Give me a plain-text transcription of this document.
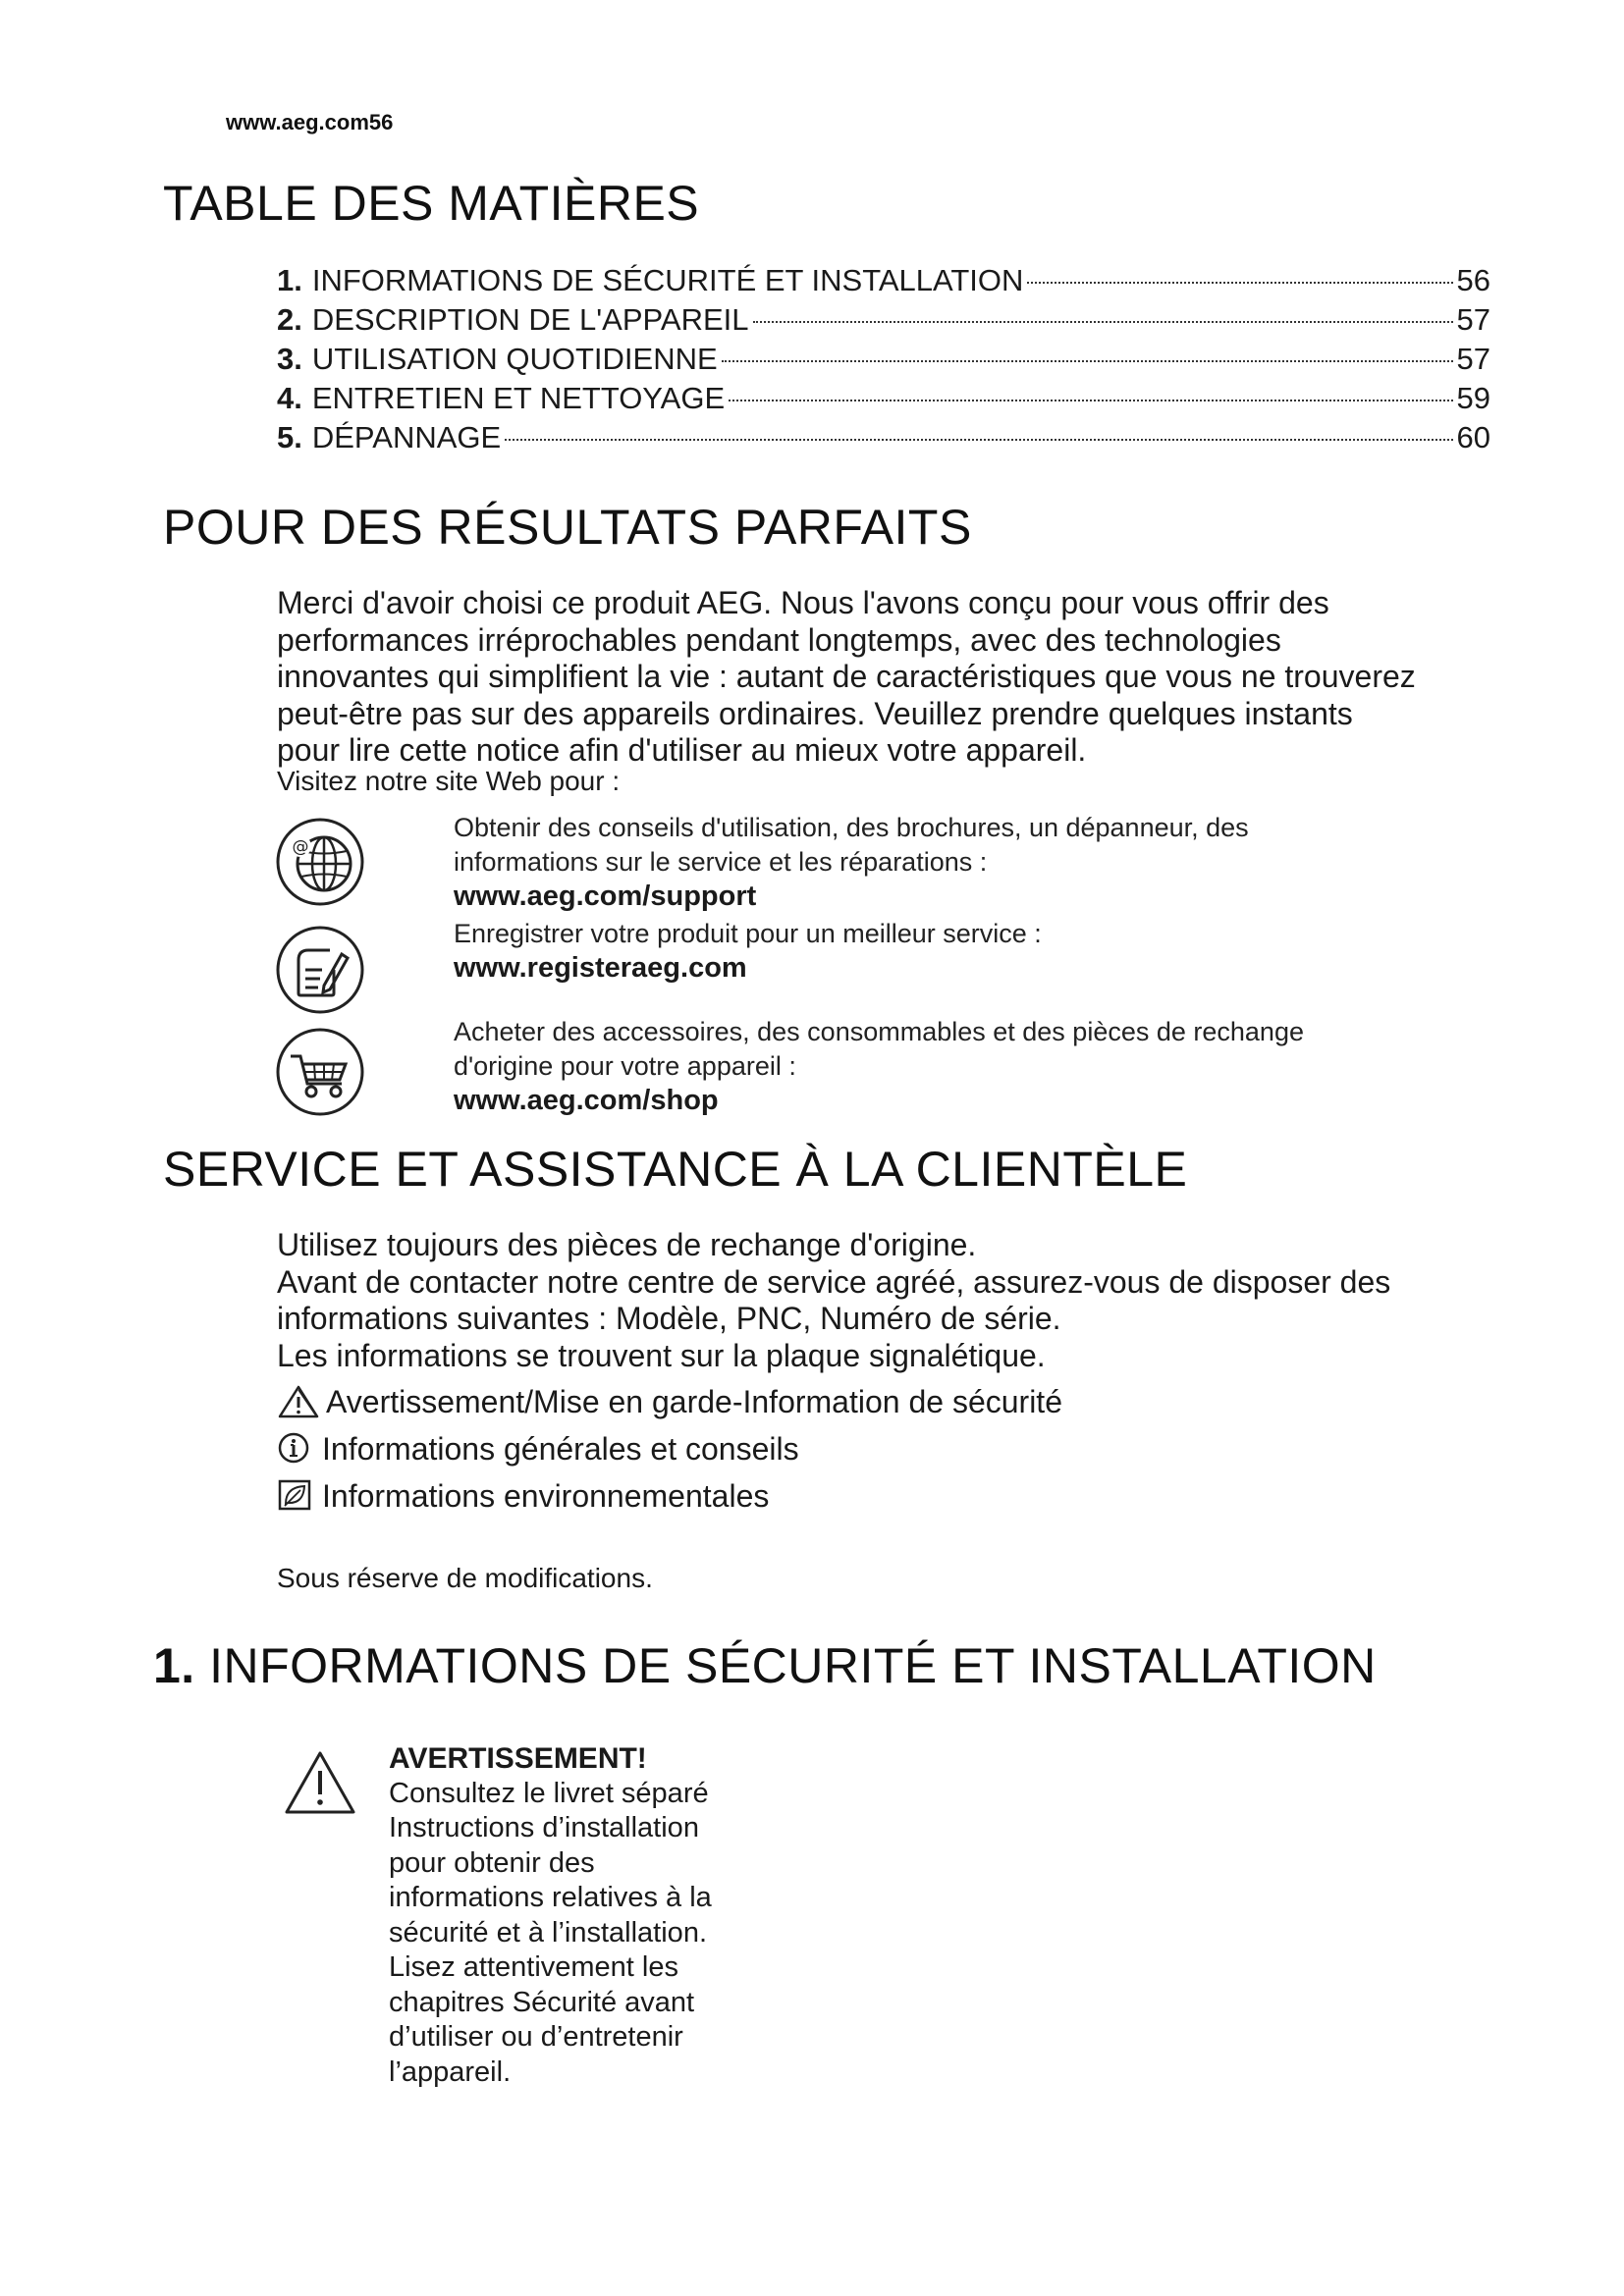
www.aeg.com56
TABLE DES MATIÈRES
1. INFORMATIONS DE SÉCURITÉ ET INSTALLATION	56
2. DESCRIPTION DE L'APPAREIL	57
3. UTILISATION QUOTIDIENNE	57
4. ENTRETIEN ET NETTOYAGE	59
5. DÉPANNAGE	60
POUR DES RÉSULTATS PARFAITS

Merci d'avoir choisi ce produit AEG. Nous l'avons conçu pour vous offrir des

performances irréprochables pendant longtemps, avec des technologies

innovantes qui simplifient la vie : autant de caractéristiques que vous ne trouverez

peut-être pas sur des appareils ordinaires. Veuillez prendre quelques instants

pour lire cette notice afin d'utiliser au mieux votre appareil.

Visitez notre site Web pour :
@
Obtenir des conseils d'utilisation, des brochures, un dépanneur, des
informations sur le service et les réparations :
www.aeg.com/support
Enregistrer votre produit pour un meilleur service :
www.registeraeg.com
Acheter des accessoires, des consommables et des pièces de rechange
d'origine pour votre appareil :
www.aeg.com/shop
SERVICE ET ASSISTANCE À LA CLIENTÈLE

Utilisez toujours des pièces de rechange d'origine.

Avant de contacter notre centre de service agréé, assurez-vous de disposer des

informations suivantes : Modèle, PNC, Numéro de série.

Les informations se trouvent sur la plaque signalétique.

Avertissement/Mise en garde-Information de sécurité
Informations générales et conseils
Informations environnementales
Sous réserve de modifications.
1. INFORMATIONS DE SÉCURITÉ ET INSTALLATION
AVERTISSEMENT!
Consultez le livret séparé
Instructions d’installation
pour obtenir des
informations relatives à la
sécurité et à l’installation.
Lisez attentivement les
chapitres Sécurité avant
d’utiliser ou d’entretenir
l’appareil.
